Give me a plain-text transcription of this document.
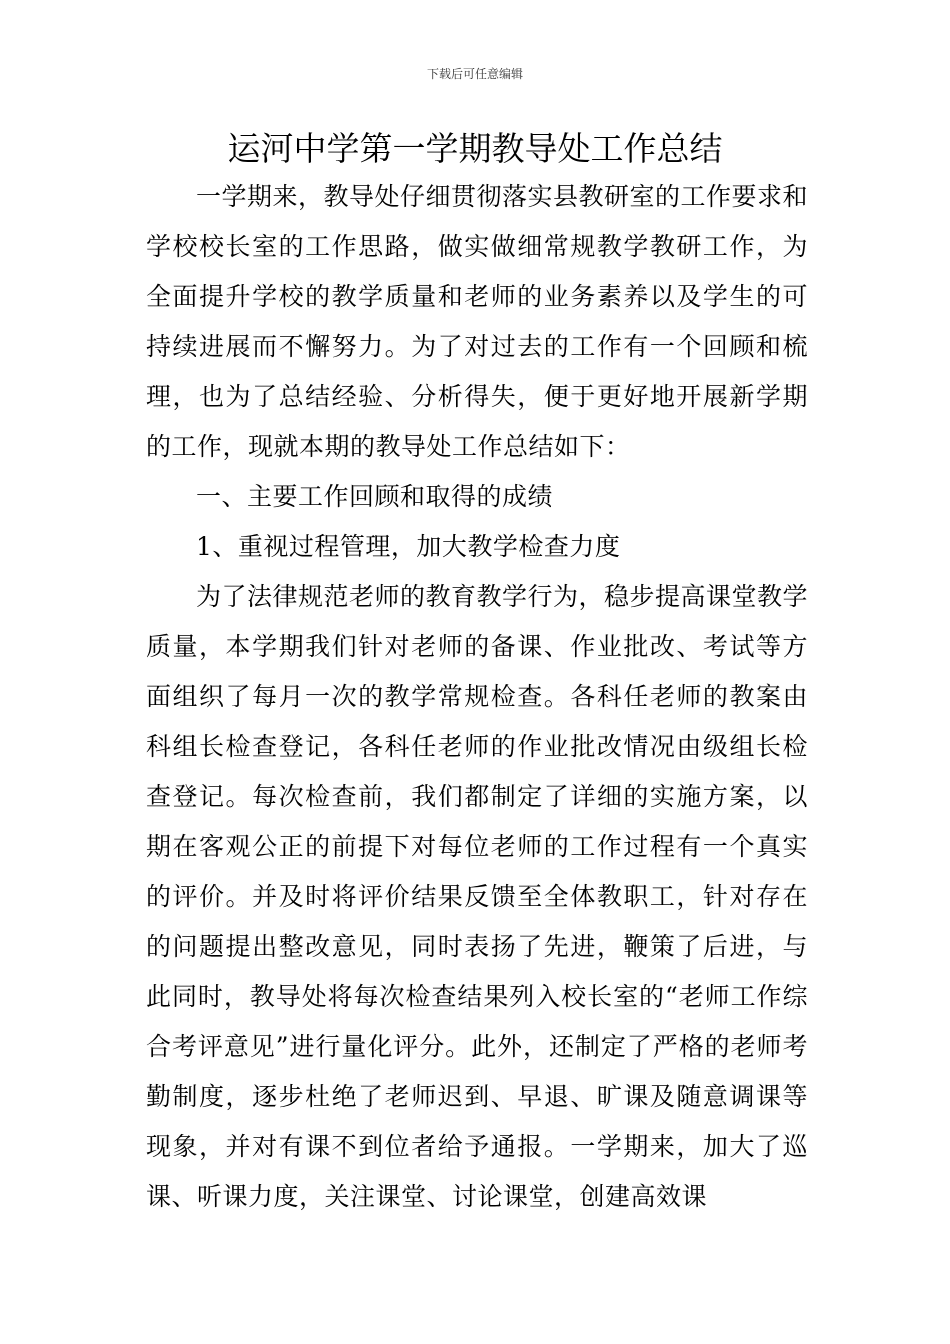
下载后可任意编辑
运河中学第一学期教导处工作总结

一学期来，教导处仔细贯彻落实县教研室的工作要求和学校校长室的工作思路，做实做细常规教学教研工作，为全面提升学校的教学质量和老师的业务素养以及学生的可持续进展而不懈努力。为了对过去的工作有一个回顾和梳理，也为了总结经验、分析得失，便于更好地开展新学期的工作，现就本期的教导处工作总结如下：

一、主要工作回顾和取得的成绩

1、重视过程管理，加大教学检查力度

为了法律规范老师的教育教学行为，稳步提高课堂教学质量，本学期我们针对老师的备课、作业批改、考试等方面组织了每月一次的教学常规检查。各科任老师的教案由科组长检查登记，各科任老师的作业批改情况由级组长检查登记。每次检查前，我们都制定了详细的实施方案，以期在客观公正的前提下对每位老师的工作过程有一个真实的评价。并及时将评价结果反馈至全体教职工，针对存在的问题提出整改意见，同时表扬了先进，鞭策了后进，与此同时，教导处将每次检查结果列入校长室的“老师工作综合考评意见”进行量化评分。此外，还制定了严格的老师考勤制度，逐步杜绝了老师迟到、早退、旷课及随意调课等现象，并对有课不到位者给予通报。一学期来，加大了巡课、听课力度，关注课堂、讨论课堂，创建高效课
